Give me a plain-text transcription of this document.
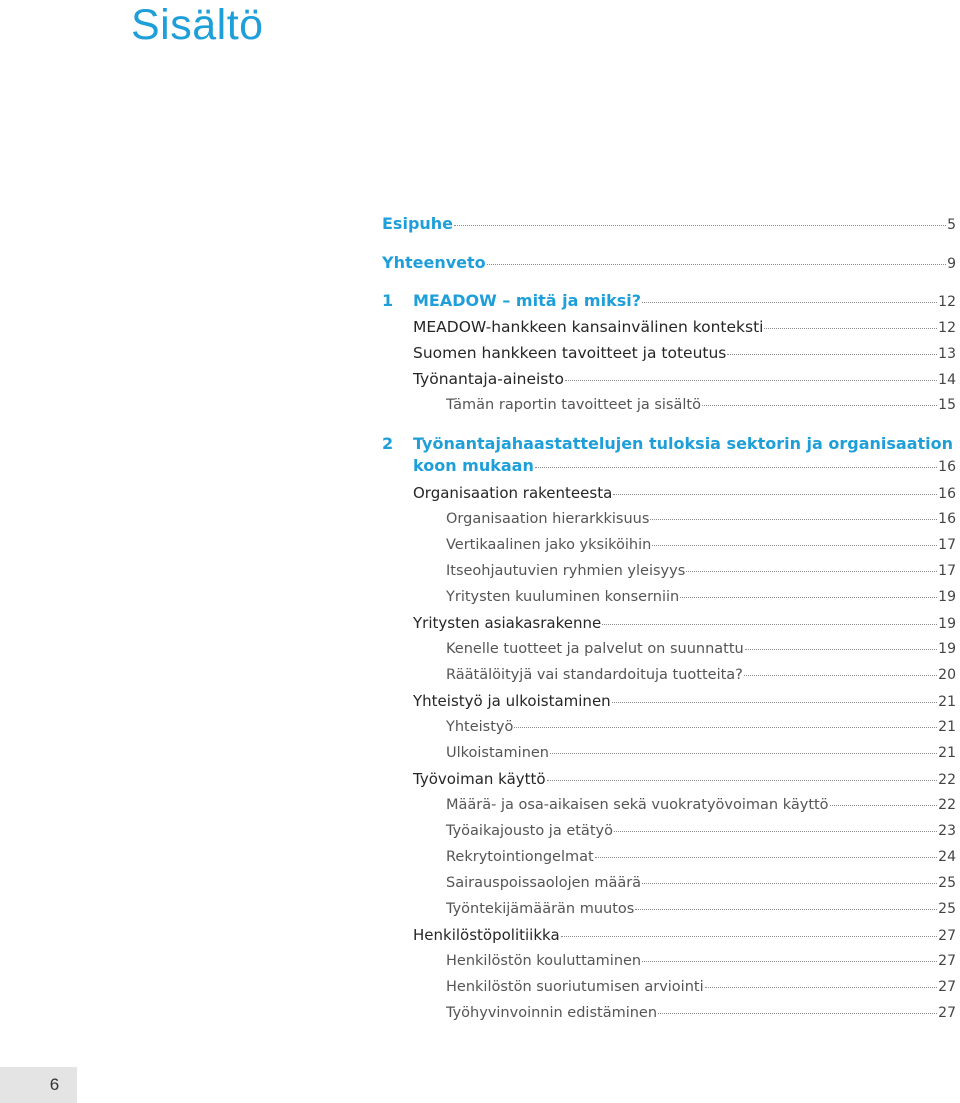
Sisältö
Esipuhe	5
Yhteenveto	9
1	MEADOW – mitä ja miksi?	12
MEADOW-hankkeen kansainvälinen konteksti	12
Suomen hankkeen tavoitteet ja toteutus	13
Työnantaja-aineisto	14
Tämän raportin tavoitteet ja sisältö	15
2 Työnantajahaastattelujen tuloksia sektorin ja organisaation
koon mukaan	16
Organisaation rakenteesta	16
Organisaation hierarkkisuus	16
Vertikaalinen jako yksiköihin	17
Itseohjautuvien ryhmien yleisyys	17
Yritysten kuuluminen konserniin	19
Yritysten asiakasrakenne	19
Kenelle tuotteet ja palvelut on suunnattu	19
Räätälöityjä vai standardoituja tuotteita?	20
Yhteistyö ja ulkoistaminen	21
Yhteistyö	21
Ulkoistaminen	21
Työvoiman käyttö	22
Määrä- ja osa-aikaisen sekä vuokratyövoiman käyttö	22
Työaikajousto ja etätyö	23
Rekrytointiongelmat	24
Sairauspoissaolojen määrä	25
Työntekijämäärän muutos	25
Henkilöstöpolitiikka	27
Henkilöstön kouluttaminen	27
Henkilöstön suoriutumisen arviointi	27
Työhyvinvoinnin edistäminen	27
6
